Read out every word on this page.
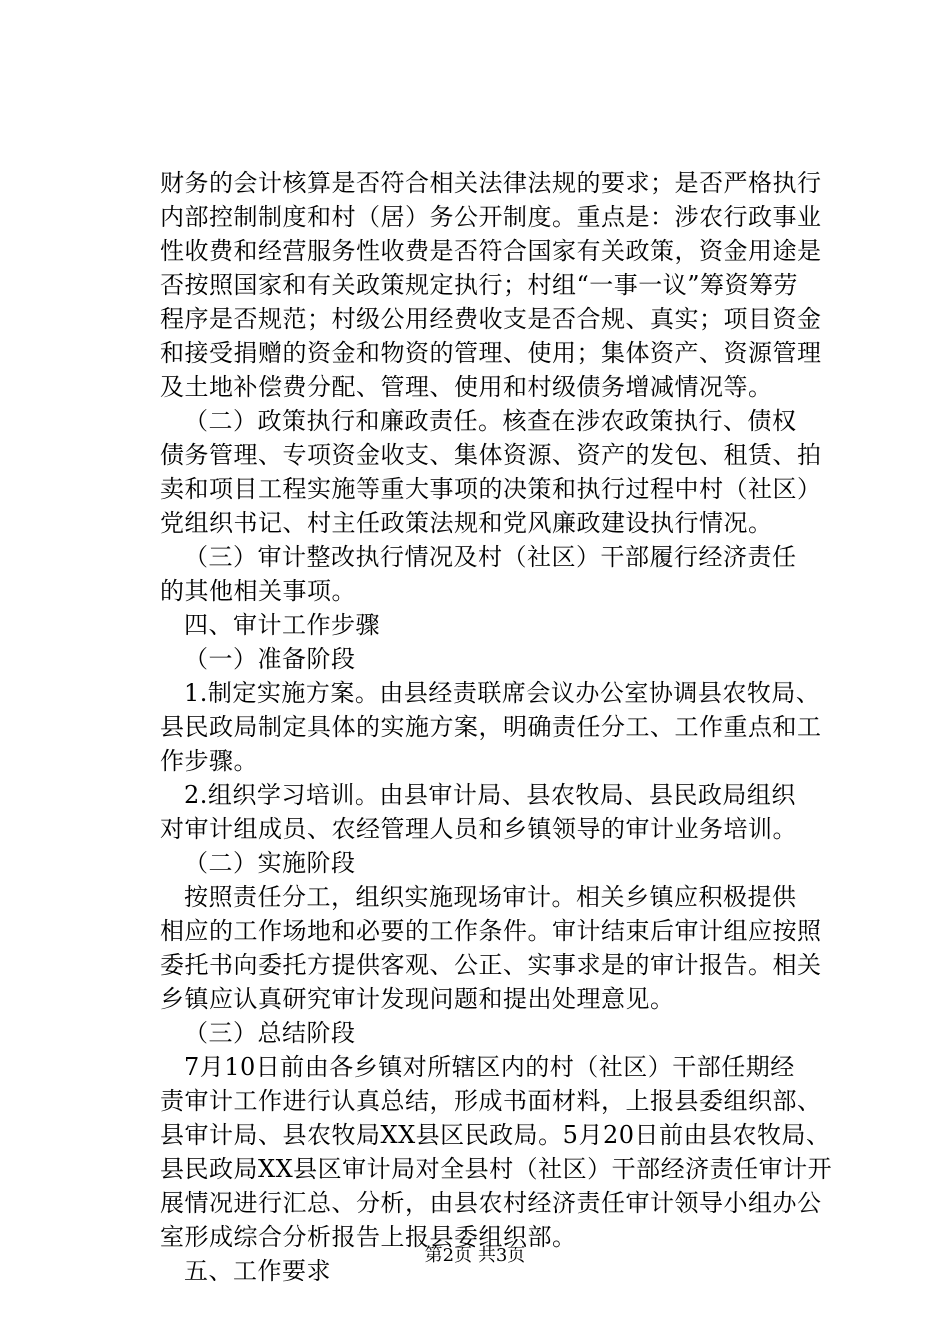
财务的会计核算是否符合相关法律法规的要求；是否严格执行
内部控制制度和村（居）务公开制度。重点是：涉农行政事业
性收费和经营服务性收费是否符合国家有关政策，资金用途是
否按照国家和有关政策规定执行；村组“一事一议”筹资筹劳
程序是否规范；村级公用经费收支是否合规、真实；项目资金
和接受捐赠的资金和物资的管理、使用；集体资产、资源管理
及土地补偿费分配、管理、使用和村级债务增减情况等。
（二）政策执行和廉政责任。核查在涉农政策执行、债权
债务管理、专项资金收支、集体资源、资产的发包、租赁、拍
卖和项目工程实施等重大事项的决策和执行过程中村（社区）
党组织书记、村主任政策法规和党风廉政建设执行情况。
（三）审计整改执行情况及村（社区）干部履行经济责任
的其他相关事项。
四、审计工作步骤
（一）准备阶段
1.制定实施方案。由县经责联席会议办公室协调县农牧局、
县民政局制定具体的实施方案，明确责任分工、工作重点和工
作步骤。
2.组织学习培训。由县审计局、县农牧局、县民政局组织
对审计组成员、农经管理人员和乡镇领导的审计业务培训。
（二）实施阶段
按照责任分工，组织实施现场审计。相关乡镇应积极提供
相应的工作场地和必要的工作条件。审计结束后审计组应按照
委托书向委托方提供客观、公正、实事求是的审计报告。相关
乡镇应认真研究审计发现问题和提出处理意见。
（三）总结阶段
7月10日前由各乡镇对所辖区内的村（社区）干部任期经
责审计工作进行认真总结，形成书面材料，上报县委组织部、
县审计局、县农牧局XX县区民政局。5月20日前由县农牧局、
县民政局XX县区审计局对全县村（社区）干部经济责任审计开
展情况进行汇总、分析，由县农村经济责任审计领导小组办公
室形成综合分析报告上报县委组织部。
五、工作要求
第2页 共3页
